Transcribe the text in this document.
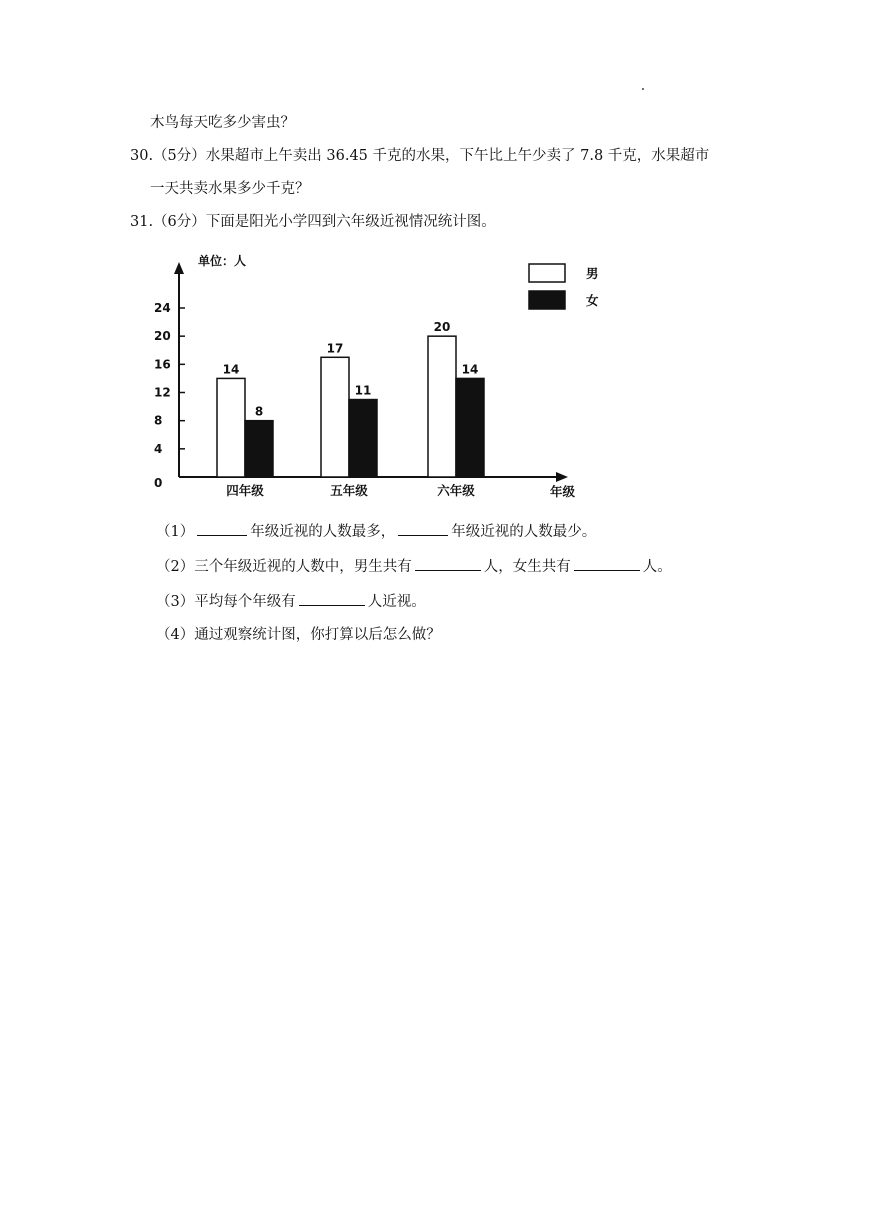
木鸟每天吃多少害虫？
30.（5分）水果超市上午卖出 36.45 千克的水果，下午比上午少卖了 7.8 千克，水果超市
一天共卖水果多少千克？
31.（6分）下面是阳光小学四到六年级近视情况统计图。
单位：人
0
4
8
12
16
20
24
14
8
四年级
17
11
五年级
20
14
六年级	年级
男
女
（1）	年级近视的人数最多，	年级近视的人数最少。
（2）三个年级近视的人数中，男生共有	人，女生共有	人。
（3）平均每个年级有	人近视。
（4）通过观察统计图，你打算以后怎么做？
